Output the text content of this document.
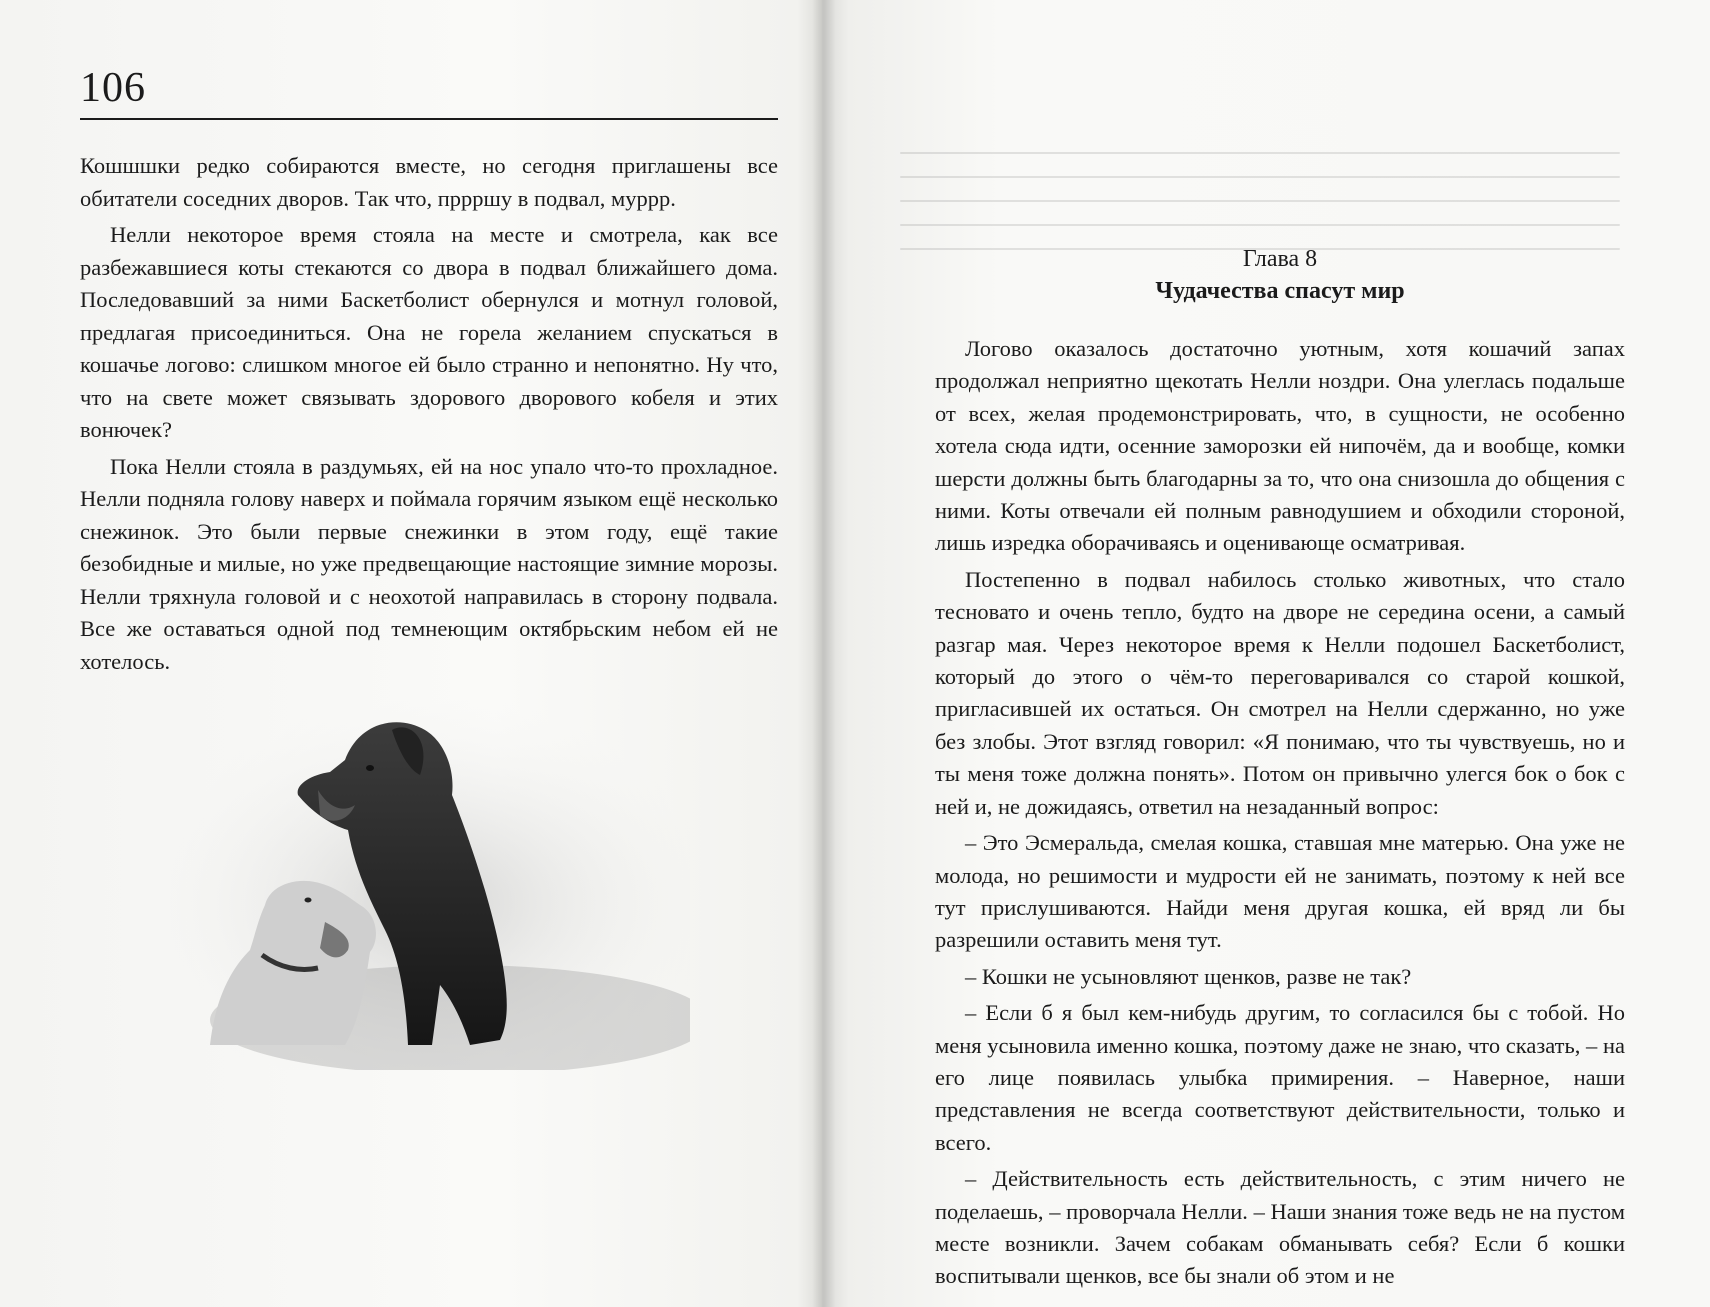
106

Кошшшки редко собираются вместе, но сегодня приглашены все обитатели соседних дворов. Так что, пррршу в подвал, муррр.

Нелли некоторое время стояла на месте и смотрела, как все разбежавшиеся коты стекаются со двора в подвал ближайшего дома. Последовавший за ними Баскетболист обернулся и мотнул головой, предлагая присоединиться. Она не горела желанием спускаться в кошачье логово: слишком многое ей было странно и непонятно. Ну что, что на свете может связывать здорового дворового кобеля и этих вонючек?

Пока Нелли стояла в раздумьях, ей на нос упало что-то прохладное. Нелли подняла голову наверх и поймала горячим языком ещё несколько снежинок. Это были первые снежинки в этом году, ещё такие безобидные и милые, но уже предвещающие настоящие зимние морозы. Нелли тряхнула головой и с неохотой направилась в сторону подвала. Все же оставаться одной под темнеющим октябрьским небом ей не хотелось.

Глава 8
Чудачества спасут мир

Логово оказалось достаточно уютным, хотя кошачий запах продолжал неприятно щекотать Нелли ноздри. Она улеглась подальше от всех, желая продемонстрировать, что, в сущности, не особенно хотела сюда идти, осенние заморозки ей нипочём, да и вообще, комки шерсти должны быть благодарны за то, что она снизошла до общения с ними. Коты отвечали ей полным равнодушием и обходили стороной, лишь изредка оборачиваясь и оценивающе осматривая.

Постепенно в подвал набилось столько животных, что стало тесновато и очень тепло, будто на дворе не середина осени, а самый разгар мая. Через некоторое время к Нелли подошел Баскетболист, который до этого о чём-то переговаривался со старой кошкой, пригласившей их остаться. Он смотрел на Нелли сдержанно, но уже без злобы. Этот взгляд говорил: «Я понимаю, что ты чувствуешь, но и ты меня тоже должна понять». Потом он привычно улегся бок о бок с ней и, не дожидаясь, ответил на незаданный вопрос:

– Это Эсмеральда, смелая кошка, ставшая мне матерью. Она уже не молода, но решимости и мудрости ей не занимать, поэтому к ней все тут прислушиваются. Найди меня другая кошка, ей вряд ли бы разрешили оставить меня тут.

– Кошки не усыновляют щенков, разве не так?

– Если б я был кем-нибудь другим, то согласился бы с тобой. Но меня усыновила именно кошка, поэтому даже не знаю, что сказать, – на его лице появилась улыбка примирения. – Наверное, наши представления не всегда соответствуют действительности, только и всего.

– Действительность есть действительность, с этим ничего не поделаешь, – проворчала Нелли. – Наши знания тоже ведь не на пустом месте возникли. Зачем собакам обманывать себя? Если б кошки воспитывали щенков, все бы знали об этом и не
